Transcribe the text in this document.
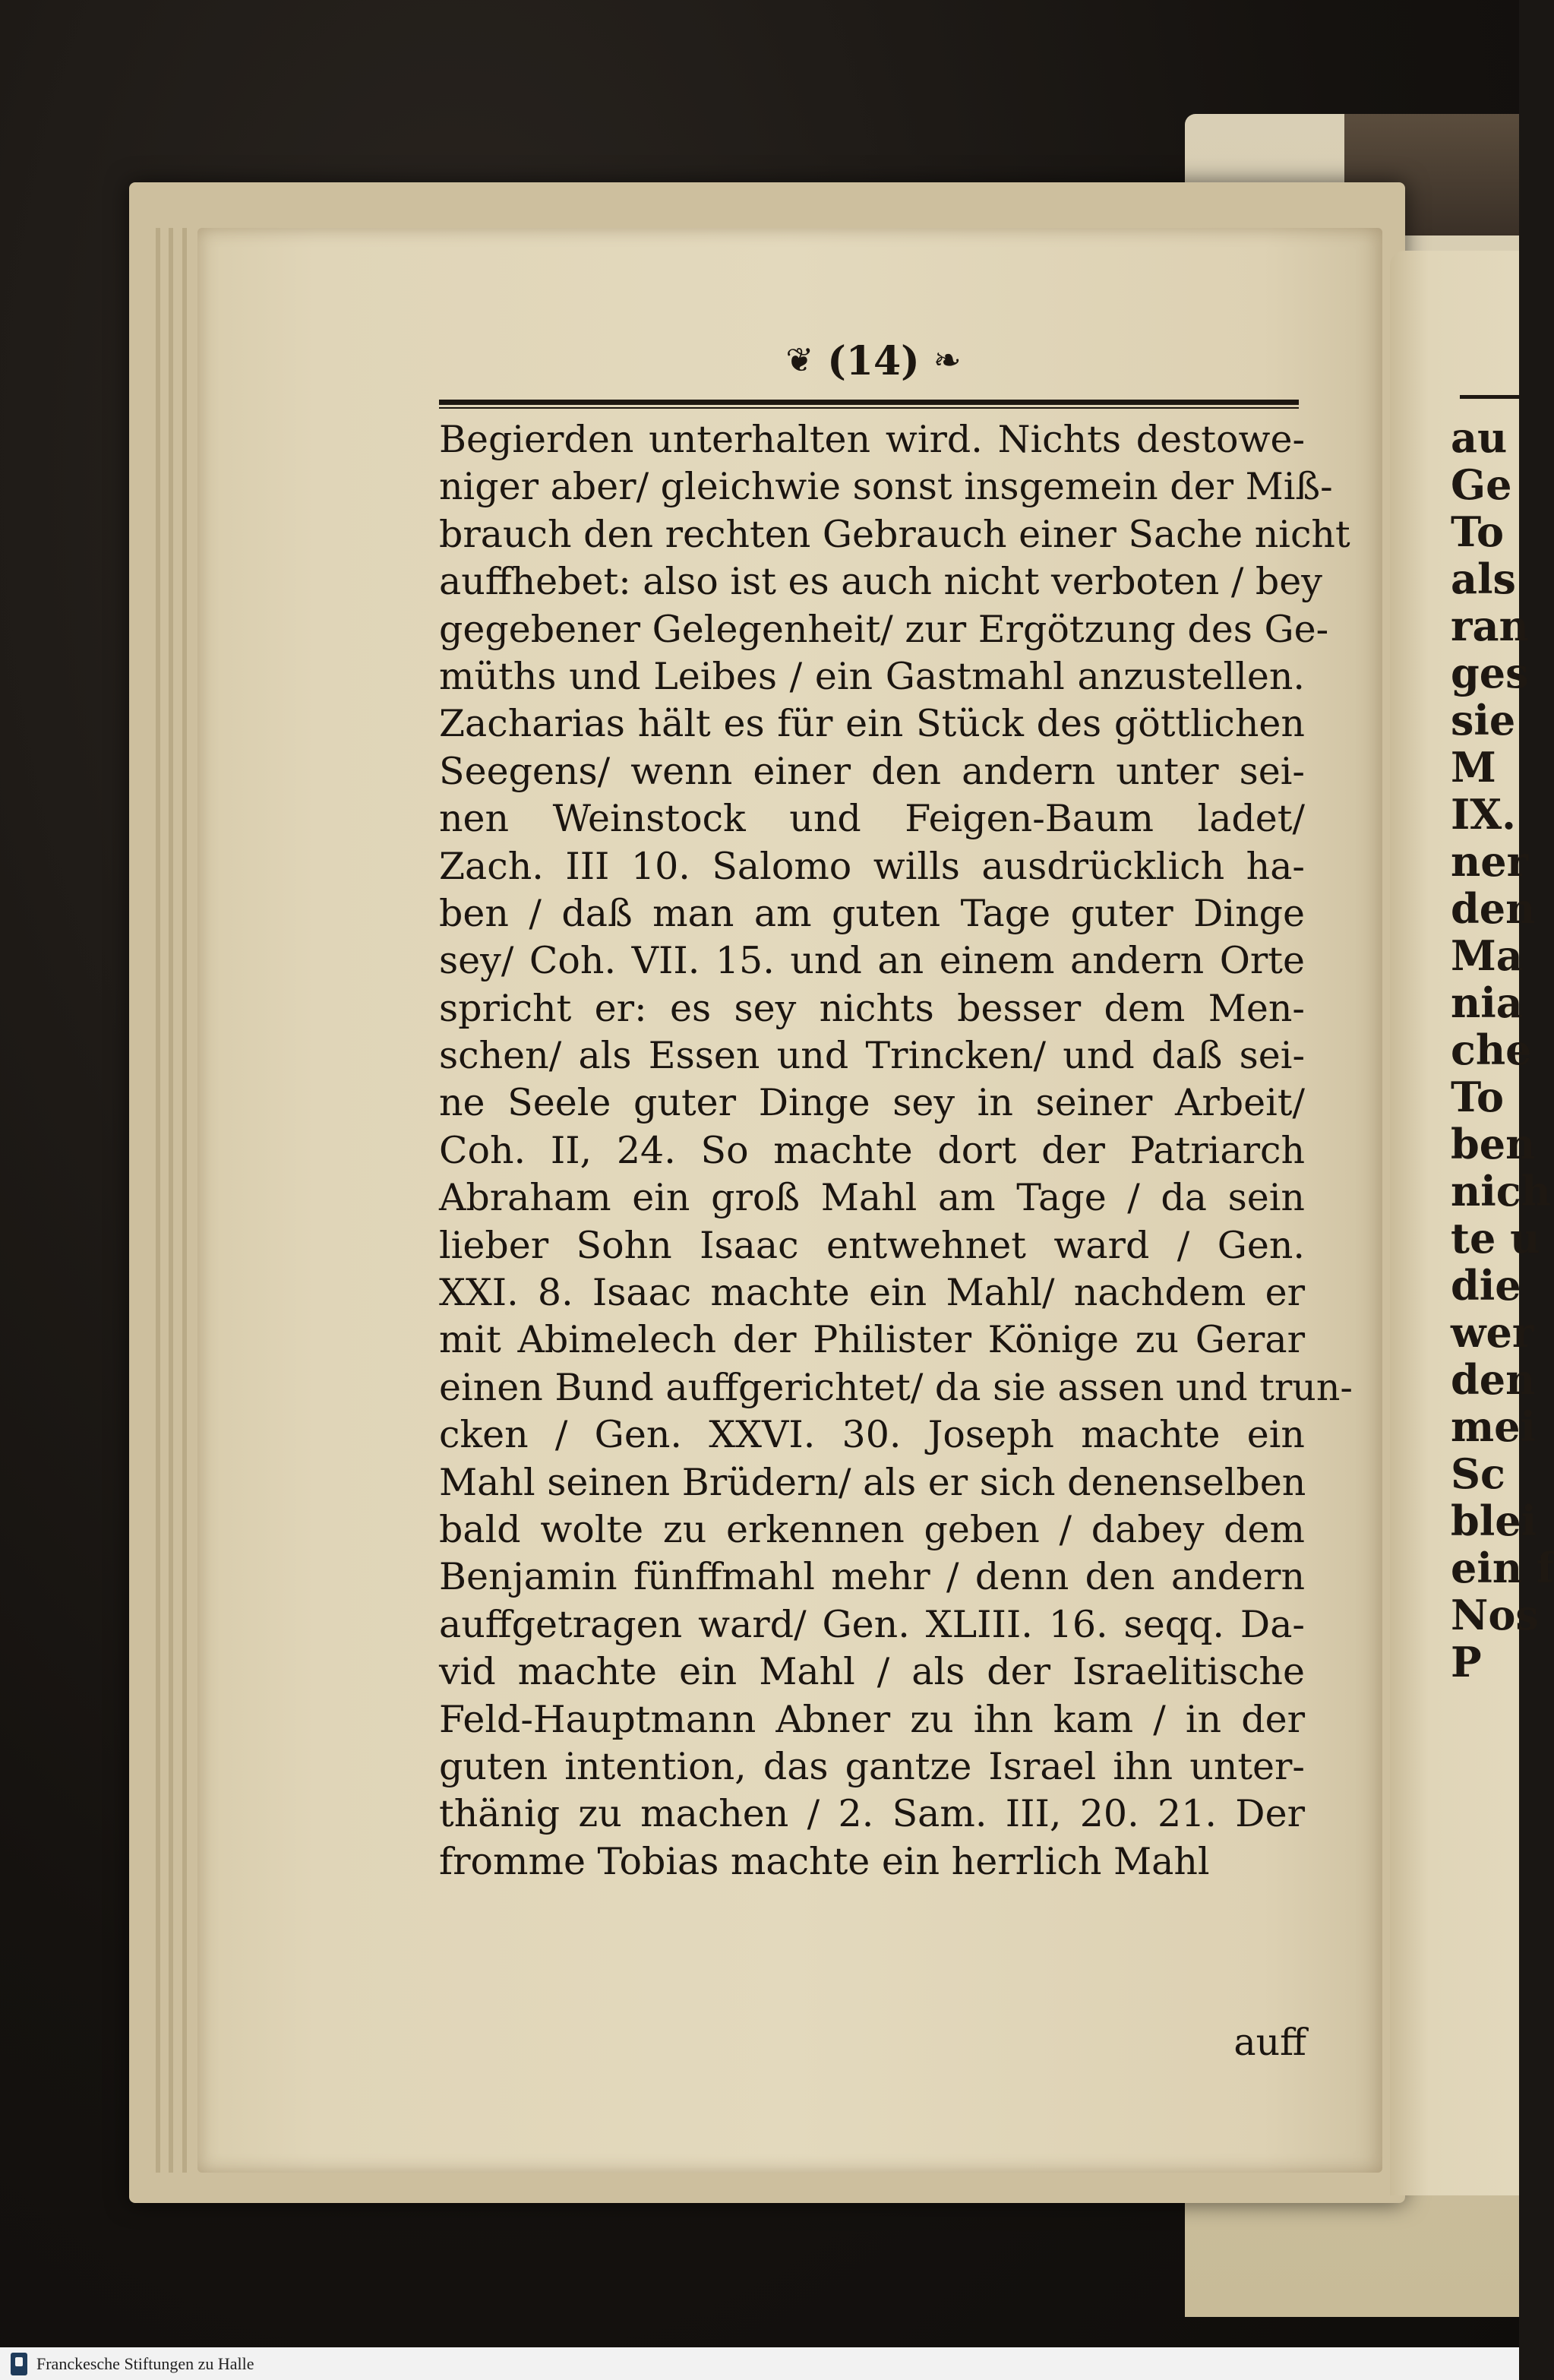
au
Ge
To
als
ran
ges
sie
M
IX.
ner
den
Ma
nia
che
To
ben
nich
te u
die
wer
den
mei
Sc
blei
ein f
Nos
P
❦ (14) ❧
Begierden unterhalten wird. Nichts destowe-
niger aber/ gleichwie sonst insgemein der Miß-
brauch den rechten Gebrauch einer Sache nicht
auffhebet: also ist es auch nicht verboten / bey
gegebener Gelegenheit/ zur Ergötzung des Ge-
müths und Leibes / ein Gastmahl anzustellen.
Zacharias hält es für ein Stück des göttlichen
Seegens/ wenn einer den andern unter sei-
nen Weinstock und Feigen-Baum ladet/
Zach. III 10. Salomo wills ausdrücklich ha-
ben / daß man am guten Tage guter Dinge
sey/ Coh. VII. 15. und an einem andern Orte
spricht er: es sey nichts besser dem Men-
schen/ als Essen und Trincken/ und daß sei-
ne Seele guter Dinge sey in seiner Arbeit/
Coh. II, 24. So machte dort der Patriarch
Abraham ein groß Mahl am Tage / da sein
lieber Sohn Isaac entwehnet ward / Gen.
XXI. 8. Isaac machte ein Mahl/ nachdem er
mit Abimelech der Philister Könige zu Gerar
einen Bund auffgerichtet/ da sie assen und trun-
cken / Gen. XXVI. 30. Joseph machte ein
Mahl seinen Brüdern/ als er sich denenselben
bald wolte zu erkennen geben / dabey dem
Benjamin fünffmahl mehr / denn den andern
auffgetragen ward/ Gen. XLIII. 16. seqq. Da-
vid machte ein Mahl / als der Israelitische
Feld-Hauptmann Abner zu ihn kam / in der
guten intention, das gantze Israel ihn unter-
thänig zu machen / 2. Sam. III, 20. 21. Der
fromme Tobias machte ein herrlich Mahl
auff
Franckesche Stiftungen zu Halle
